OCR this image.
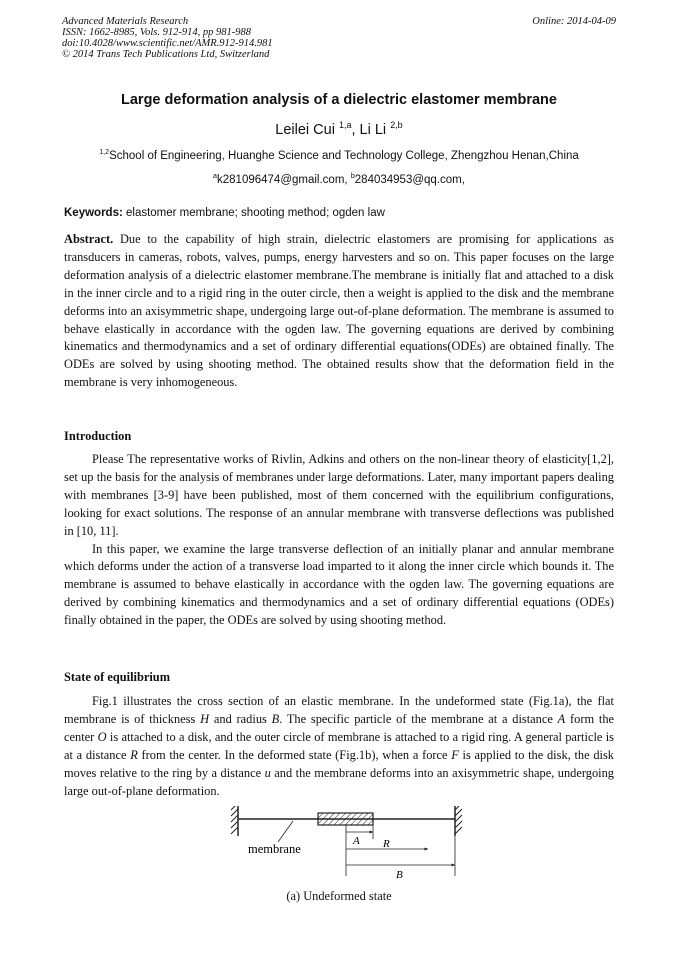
Advanced Materials Research
ISSN: 1662-8985, Vols. 912-914, pp 981-988
doi:10.4028/www.scientific.net/AMR.912-914.981
© 2014 Trans Tech Publications Ltd, Switzerland
Online: 2014-04-09
Large deformation analysis of a dielectric elastomer membrane
Leilei Cui $^{1,a}$, Li Li $^{2,b}$
$^{1,2}$School of Engineering, Huanghe Science and Technology College, Zhengzhou Henan,China
$^a$k281096474@gmail.com, $^b$284034953@qq.com,
Keywords: elastomer membrane; shooting method; ogden law

Abstract. Due to the capability of high strain, dielectric elastomers are promising for applications as transducers in cameras, robots, valves, pumps, energy harvesters and so on. This paper focuses on the large deformation analysis of a dielectric elastomer membrane.The membrane is initially flat and attached to a disk in the inner circle and to a rigid ring in the outer circle, then a weight is applied to the disk and the membrane deforms into an axisymmetric shape, undergoing large out-of-plane deformation. The membrane is assumed to behave elastically in accordance with the ogden law. The governing equations are derived by combining kinematics and thermodynamics and a set of ordinary differential equations(ODEs) are obtained finally. The ODEs are solved by using shooting method. The obtained results show that the deformation field in the membrane is very inhomogeneous.

Introduction

Please The representative works of Rivlin, Adkins and others on the non-linear theory of elasticity[1,2], set up the basis for the analysis of membranes under large deformations. Later, many important papers dealing with membranes [3-9] have been published, most of them concerned with the equilibrium configurations, looking for exact solutions. The response of an annular membrane with transverse deflections was published in [10, 11].

In this paper, we examine the large transverse deflection of an initially planar and annular membrane which deforms under the action of a transverse load imparted to it along the inner circle which bounds it. The membrane is assumed to behave elastically in accordance with the ogden law. The governing equations are derived by combining kinematics and thermodynamics and a set of ordinary differential equations (ODEs) finally obtained in the paper, the ODEs are solved by using shooting method.

State of equilibrium

Fig.1 illustrates the cross section of an elastic membrane. In the undeformed state (Fig.1a), the flat membrane is of thickness H and radius B. The specific particle of the membrane at a distance A form the center O is attached to a disk, and the outer circle of membrane is attached to a rigid ring. A general particle is at a distance R from the center. In the deformed state (Fig.1b), when a force F is applied to the disk, the disk moves relative to the ring by a distance u and the membrane deforms into an axisymmetric shape, undergoing large out-of-plane deformation.

membrane
A R
B
(a) Undeformed state
